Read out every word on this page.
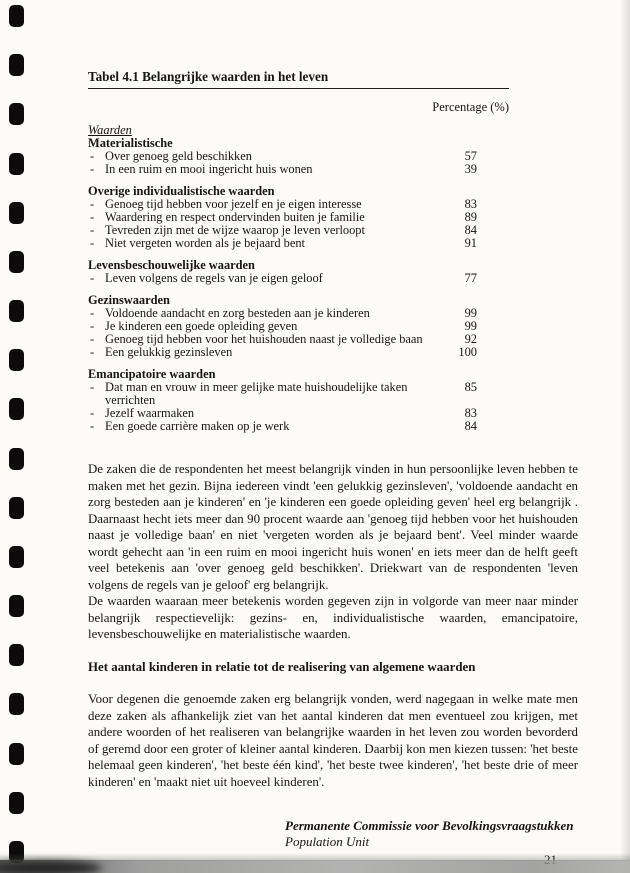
Tabel 4.1 Belangrijke waarden in het leven
Percentage (%)
Waarden
Materialistische
- Over genoeg geld beschikken	57
- In een ruim en mooi ingericht huis wonen	39
Overige individualistische waarden
- Genoeg tijd hebben voor jezelf en je eigen interesse	83
- Waardering en respect ondervinden buiten je familie	89
- Tevreden zijn met de wijze waarop je leven verloopt	84
- Niet vergeten worden als je bejaard bent	91
Levensbeschouwelijke waarden
- Leven volgens de regels van je eigen geloof	77
Gezinswaarden
- Voldoende aandacht en zorg besteden aan je kinderen	99
- Je kinderen een goede opleiding geven	99
- Genoeg tijd hebben voor het huishouden naast je volledige baan	92
- Een gelukkig gezinsleven	100
Emancipatoire waarden
- Dat man en vrouw in meer gelijke mate huishoudelijke taken verrichten
85
- Jezelf waarmaken	83
- Een goede carrière maken op je werk	84

De zaken die de respondenten het meest belangrijk vinden in hun persoonlijke leven hebben te maken met het gezin. Bijna iedereen vindt 'een gelukkig gezinsleven', 'voldoende aandacht en zorg besteden aan je kinderen' en 'je kinderen een goede opleiding geven' heel erg belangrijk . Daarnaast hecht iets meer dan 90 procent waarde aan 'genoeg tijd hebben voor het huishouden naast je volledige baan' en niet 'vergeten worden als je bejaard bent'. Veel minder waarde wordt gehecht aan 'in een ruim en mooi ingericht huis wonen' en iets meer dan de helft geeft veel betekenis aan 'over genoeg geld beschikken'. Driekwart van de respondenten 'leven volgens de regels van je geloof' erg belangrijk.

De waarden waaraan meer betekenis worden gegeven zijn in volgorde van meer naar minder belangrijk respectievelijk: gezins- en, individualistische waarden, emancipatoire, levensbeschouwelijke en materialistische waarden.

Het aantal kinderen in relatie tot de realisering van algemene waarden

Voor degenen die genoemde zaken erg belangrijk vonden, werd nagegaan in welke mate men deze zaken als afhankelijk ziet van het aantal kinderen dat men eventueel zou krijgen, met andere woorden of het realiseren van belangrijke waarden in het leven zou worden bevorderd of geremd door een groter of kleiner aantal kinderen. Daarbij kon men kiezen tussen: 'het beste helemaal geen kinderen', 'het beste één kind', 'het beste twee kinderen', 'het beste drie of meer kinderen' en 'maakt niet uit hoeveel kinderen'.

Permanente Commissie voor Bevolkingsvraagstukken
Population Unit
